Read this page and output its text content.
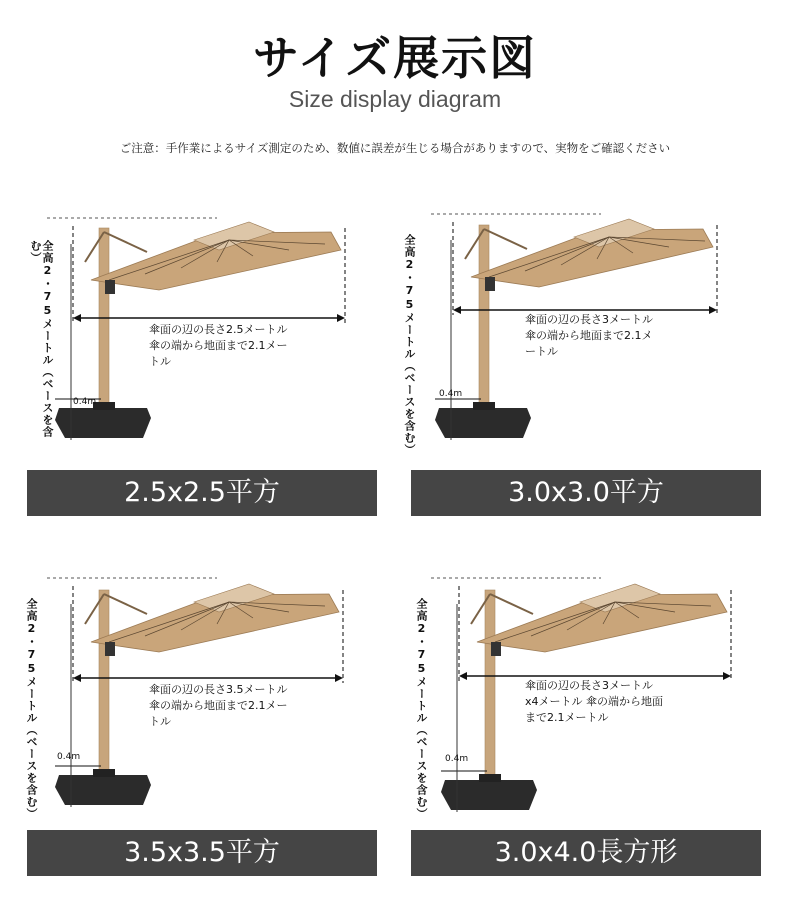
サイズ展示図
Size display diagram
ご注意：手作業によるサイズ測定のため、数値に誤差が生じる場合がありますので、実物をご確認ください
全高2・75メートル（ベースを含む）
傘面の辺の長さ2.5メートル 傘の端から地面まで2.1メートル
0.4m
2.5x2.5平方
全高2・75メートル（ベースを含む）	傘面の辺の長さ3メートル 傘の端から地面まで2.1メートル
0.4m
3.0x3.0平方
全高2・75メートル（ベースを含む）	傘面の辺の長さ3.5メートル 傘の端から地面まで2.1メートル
0.4m
3.5x3.5平方
全高2・75メートル（ベースを含む）	傘面の辺の長さ3メートルx4メートル 傘の端から地面まで2.1メートル
0.4m
3.0x4.0長方形
